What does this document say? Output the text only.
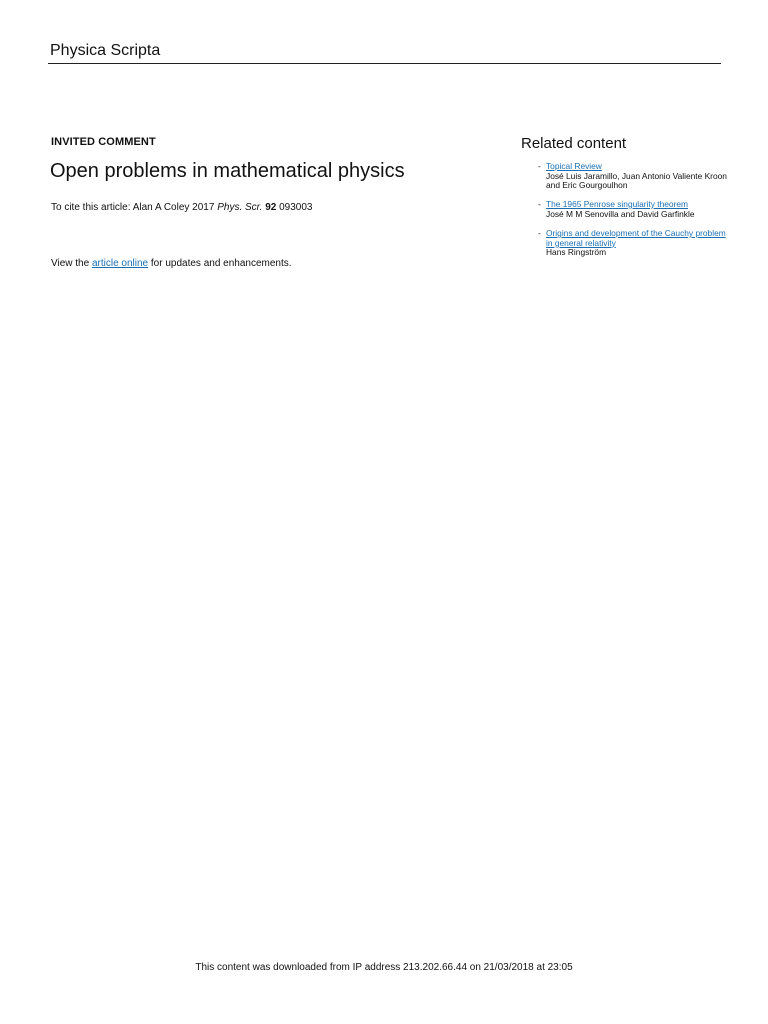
Physica Scripta
INVITED COMMENT
Open problems in mathematical physics
To cite this article: Alan A Coley 2017 Phys. Scr. 92 093003
View the article online for updates and enhancements.
Related content
- Topical Review
José Luis Jaramillo, Juan Antonio Valiente Kroon and Eric Gourgoulhon
- The 1965 Penrose singularity theorem
José M M Senovilla and David Garfinkle
- Origins and development of the Cauchy problem in general relativity
Hans Ringström
This content was downloaded from IP address 213.202.66.44 on 21/03/2018 at 23:05
